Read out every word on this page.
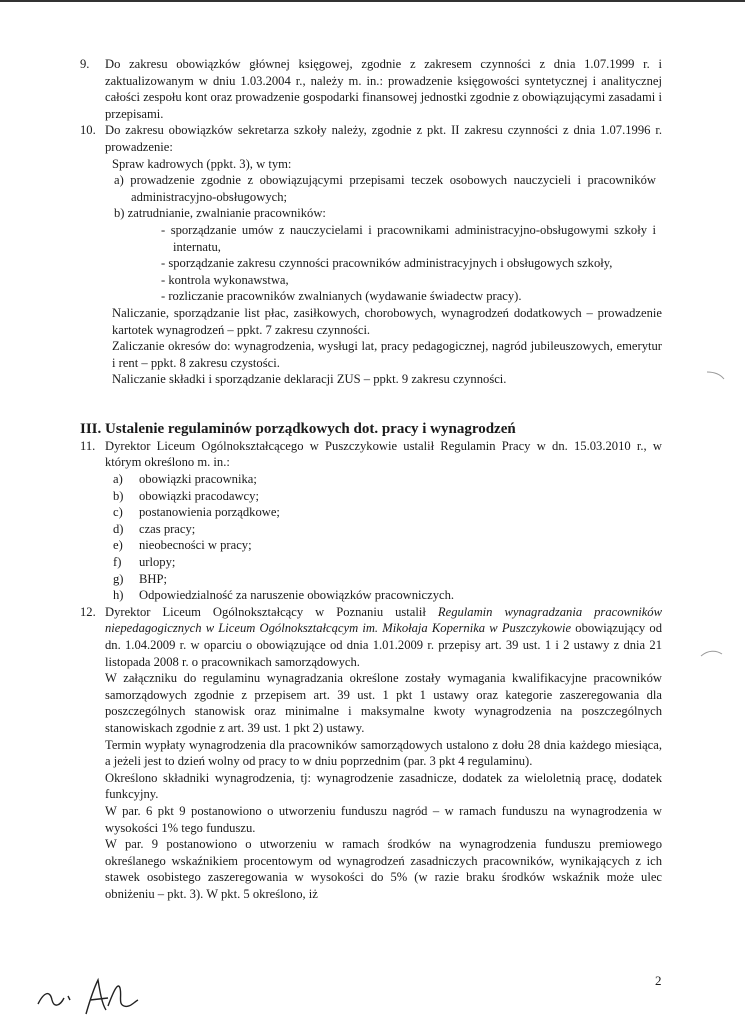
9. Do zakresu obowiązków głównej księgowej, zgodnie z zakresem czynności z dnia 1.07.1999 r. i zaktualizowanym w dniu 1.03.2004 r., należy m. in.: prowadzenie księgowości syntetycznej i analitycznej całości zespołu kont oraz prowadzenie gospodarki finansowej jednostki zgodnie z obowiązującymi zasadami i przepisami.

10. Do zakresu obowiązków sekretarza szkoły należy, zgodnie z pkt. II zakresu czynności z dnia 1.07.1996 r. prowadzenie:

Spraw kadrowych (ppkt. 3), w tym:

a) prowadzenie zgodnie z obowiązującymi przepisami teczek osobowych nauczycieli i pracowników administracyjno-obsługowych;

b) zatrudnianie, zwalnianie pracowników:

- sporządzanie umów z nauczycielami i pracownikami administracyjno-obsługowymi szkoły i internatu,

- sporządzanie zakresu czynności pracowników administracyjnych i obsługowych szkoły,

- kontrola wykonawstwa,

- rozliczanie pracowników zwalnianych (wydawanie świadectw pracy).

Naliczanie, sporządzanie list płac, zasiłkowych, chorobowych, wynagrodzeń dodatkowych – prowadzenie kartotek wynagrodzeń – ppkt. 7 zakresu czynności.

Zaliczanie okresów do: wynagrodzenia, wysługi lat, pracy pedagogicznej, nagród jubileuszowych, emerytur i rent – ppkt. 8 zakresu czystości.

Naliczanie składki i sporządzanie deklaracji ZUS – ppkt. 9 zakresu czynności.

III. Ustalenie regulaminów porządkowych dot. pracy i wynagrodzeń
11. Dyrektor Liceum Ogólnokształcącego w Puszczykowie ustalił Regulamin Pracy w dn. 15.03.2010 r., w którym określono m. in.:

a) obowiązki pracownika;
b) obowiązki pracodawcy;
c) postanowienia porządkowe;
d) czas pracy;
e) nieobecności w pracy;
f) urlopy;
g) BHP;
h) Odpowiedzialność za naruszenie obowiązków pracowniczych.
12. Dyrektor Liceum Ogólnokształcący w Poznaniu ustalił Regulamin wynagradzania pracowników niepedagogicznych w Liceum Ogólnokształcącym im. Mikołaja Kopernika w Puszczykowie obowiązujący od dn. 1.04.2009 r. w oparciu o obowiązujące od dnia 1.01.2009 r. przepisy art. 39 ust. 1 i 2 ustawy z dnia 21 listopada 2008 r. o pracownikach samorządowych.

W załączniku do regulaminu wynagradzania określone zostały wymagania kwalifikacyjne pracowników samorządowych zgodnie z przepisem art. 39 ust. 1 pkt 1 ustawy oraz kategorie zaszeregowania dla poszczególnych stanowisk oraz minimalne i maksymalne kwoty wynagrodzenia na poszczególnych stanowiskach zgodnie z art. 39 ust. 1 pkt 2) ustawy.

Termin wypłaty wynagrodzenia dla pracowników samorządowych ustalono z dołu 28 dnia każdego miesiąca, a jeżeli jest to dzień wolny od pracy to w dniu poprzednim (par. 3 pkt 4 regulaminu).

Określono składniki wynagrodzenia, tj: wynagrodzenie zasadnicze, dodatek za wieloletnią pracę, dodatek funkcyjny.

W par. 6 pkt 9 postanowiono o utworzeniu funduszu nagród – w ramach funduszu na wynagrodzenia w wysokości 1% tego funduszu.

W par. 9 postanowiono o utworzeniu w ramach środków na wynagrodzenia funduszu premiowego określanego wskaźnikiem procentowym od wynagrodzeń zasadniczych pracowników, wynikających z ich stawek osobistego zaszeregowania w wysokości do 5% (w razie braku środków wskaźnik może ulec obniżeniu – pkt. 3). W pkt. 5 określono, iż

2
